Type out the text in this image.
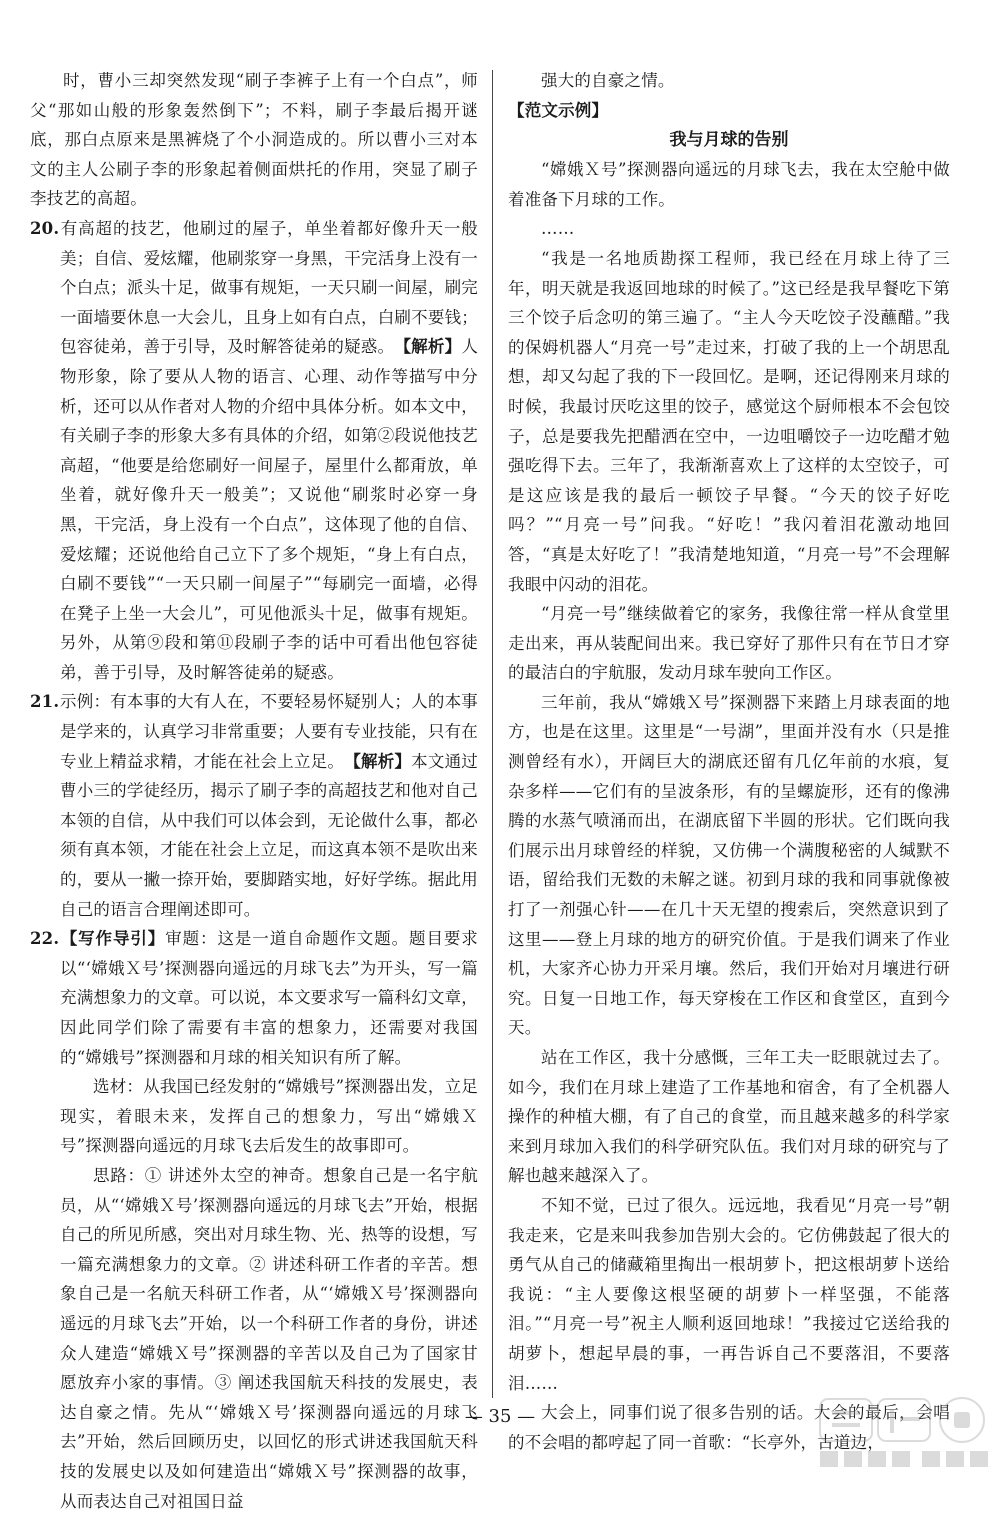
时，曹小三却突然发现“刷子李裤子上有一个白点”，师父“那如山般的形象轰然倒下”；不料，刷子李最后揭开谜底，那白点原来是黑裤烧了个小洞造成的。所以曹小三对本文的主人公刷子李的形象起着侧面烘托的作用，突显了刷子李技艺的高超。

20.有高超的技艺，他刷过的屋子，单坐着都好像升天一般美；自信、爱炫耀，他刷浆穿一身黑，干完活身上没有一个白点；派头十足，做事有规矩，一天只刷一间屋，刷完一面墙要休息一大会儿，且身上如有白点，白刷不要钱；包容徒弟，善于引导，及时解答徒弟的疑惑。　 【解析】人物形象，除了要从人物的语言、心理、动作等描写中分析，还可以从作者对人物的介绍中具体分析。如本文中，有关刷子李的形象大多有具体的介绍，如第②段说他技艺高超，“他要是给您刷好一间屋子，屋里什么都甭放，单坐着，就好像升天一般美”；又说他“刷浆时必穿一身黑，干完活，身上没有一个白点”，这体现了他的自信、爱炫耀；还说他给自己立下了多个规矩，“身上有白点，白刷不要钱”“一天只刷一间屋子”“每刷完一面墙，必得在凳子上坐一大会儿”，可见他派头十足，做事有规矩。另外，从第⑨段和第⑪段刷子李的话中可看出他包容徒弟，善于引导，及时解答徒弟的疑惑。

21.示例：有本事的大有人在，不要轻易怀疑别人；人的本事是学来的，认真学习非常重要；人要有专业技能，只有在专业上精益求精，才能在社会上立足。　 【解析】本文通过曹小三的学徒经历，揭示了刷子李的高超技艺和他对自己本领的自信，从中我们可以体会到，无论做什么事，都必须有真本领，才能在社会上立足，而这真本领不是吹出来的，要从一撇一捺开始，要脚踏实地，好好学练。据此用自己的语言合理阐述即可。

22.【写作导引】审题：这是一道自命题作文题。题目要求以“‘嫦娥Ｘ号’探测器向遥远的月球飞去”为开头，写一篇充满想象力的文章。可以说，本文要求写一篇科幻文章，因此同学们除了需要有丰富的想象力，还需要对我国的“嫦娥号”探测器和月球的相关知识有所了解。

选材：从我国已经发射的“嫦娥号”探测器出发，立足现实，着眼未来，发挥自己的想象力，写出“嫦娥Ｘ号”探测器向遥远的月球飞去后发生的故事即可。

思路：① 讲述外太空的神奇。想象自己是一名宇航员，从“‘嫦娥Ｘ号’探测器向遥远的月球飞去”开始，根据自己的所见所感，突出对月球生物、光、热等的设想，写一篇充满想象力的文章。② 讲述科研工作者的辛苦。想象自己是一名航天科研工作者，从“‘嫦娥Ｘ号’探测器向遥远的月球飞去”开始，以一个科研工作者的身份，讲述众人建造“嫦娥Ｘ号”探测器的辛苦以及自己为了国家甘愿放弃小家的事情。③ 阐述我国航天科技的发展史，表达自豪之情。先从“‘嫦娥Ｘ号’探测器向遥远的月球飞去”开始，然后回顾历史，以回忆的形式讲述我国航天科技的发展史以及如何建造出“嫦娥Ｘ号”探测器的故事，从而表达自己对祖国日益

强大的自豪之情。

【范文示例】

我与月球的告别

“嫦娥Ｘ号”探测器向遥远的月球飞去，我在太空舱中做着准备下月球的工作。

……

“我是一名地质勘探工程师，我已经在月球上待了三年，明天就是我返回地球的时候了。”这已经是我早餐吃下第三个饺子后念叨的第三遍了。“主人今天吃饺子没蘸醋。”我的保姆机器人“月亮一号”走过来，打破了我的上一个胡思乱想，却又勾起了我的下一段回忆。是啊，还记得刚来月球的时候，我最讨厌吃这里的饺子，感觉这个厨师根本不会包饺子，总是要我先把醋洒在空中，一边咀嚼饺子一边吃醋才勉强吃得下去。三年了，我渐渐喜欢上了这样的太空饺子，可是这应该是我的最后一顿饺子早餐。“今天的饺子好吃吗？”“月亮一号”问我。“好吃！”我闪着泪花激动地回答，“真是太好吃了！”我清楚地知道，“月亮一号”不会理解我眼中闪动的泪花。

“月亮一号”继续做着它的家务，我像往常一样从食堂里走出来，再从装配间出来。我已穿好了那件只有在节日才穿的最洁白的宇航服，发动月球车驶向工作区。

三年前，我从“嫦娥Ｘ号”探测器下来踏上月球表面的地方，也是在这里。这里是“一号湖”，里面并没有水（只是推测曾经有水），开阔巨大的湖底还留有几亿年前的水痕，复杂多样——它们有的呈波条形，有的呈螺旋形，还有的像沸腾的水蒸气喷涌而出，在湖底留下半圆的形状。它们既向我们展示出月球曾经的样貌，又仿佛一个满腹秘密的人缄默不语，留给我们无数的未解之谜。初到月球的我和同事就像被打了一剂强心针——在几十天无望的搜索后，突然意识到了这里——登上月球的地方的研究价值。于是我们调来了作业机，大家齐心协力开采月壤。然后，我们开始对月壤进行研究。日复一日地工作，每天穿梭在工作区和食堂区，直到今天。

站在工作区，我十分感慨，三年工夫一眨眼就过去了。如今，我们在月球上建造了工作基地和宿舍，有了全机器人操作的种植大棚，有了自己的食堂，而且越来越多的科学家来到月球加入我们的科学研究队伍。我们对月球的研究与了解也越来越深入了。

不知不觉，已过了很久。远远地，我看见“月亮一号”朝我走来，它是来叫我参加告别大会的。它仿佛鼓起了很大的勇气从自己的储藏箱里掏出一根胡萝卜，把这根胡萝卜送给我说：“主人要像这根坚硬的胡萝卜一样坚强，不能落泪。”“月亮一号”祝主人顺利返回地球！”我接过它送给我的胡萝卜，想起早晨的事，一再告诉自己不要落泪，不要落泪……

大会上，同事们说了很多告别的话。大会的最后，会唱的不会唱的都哼起了同一首歌：“长亭外，古道边，

— 35 —
